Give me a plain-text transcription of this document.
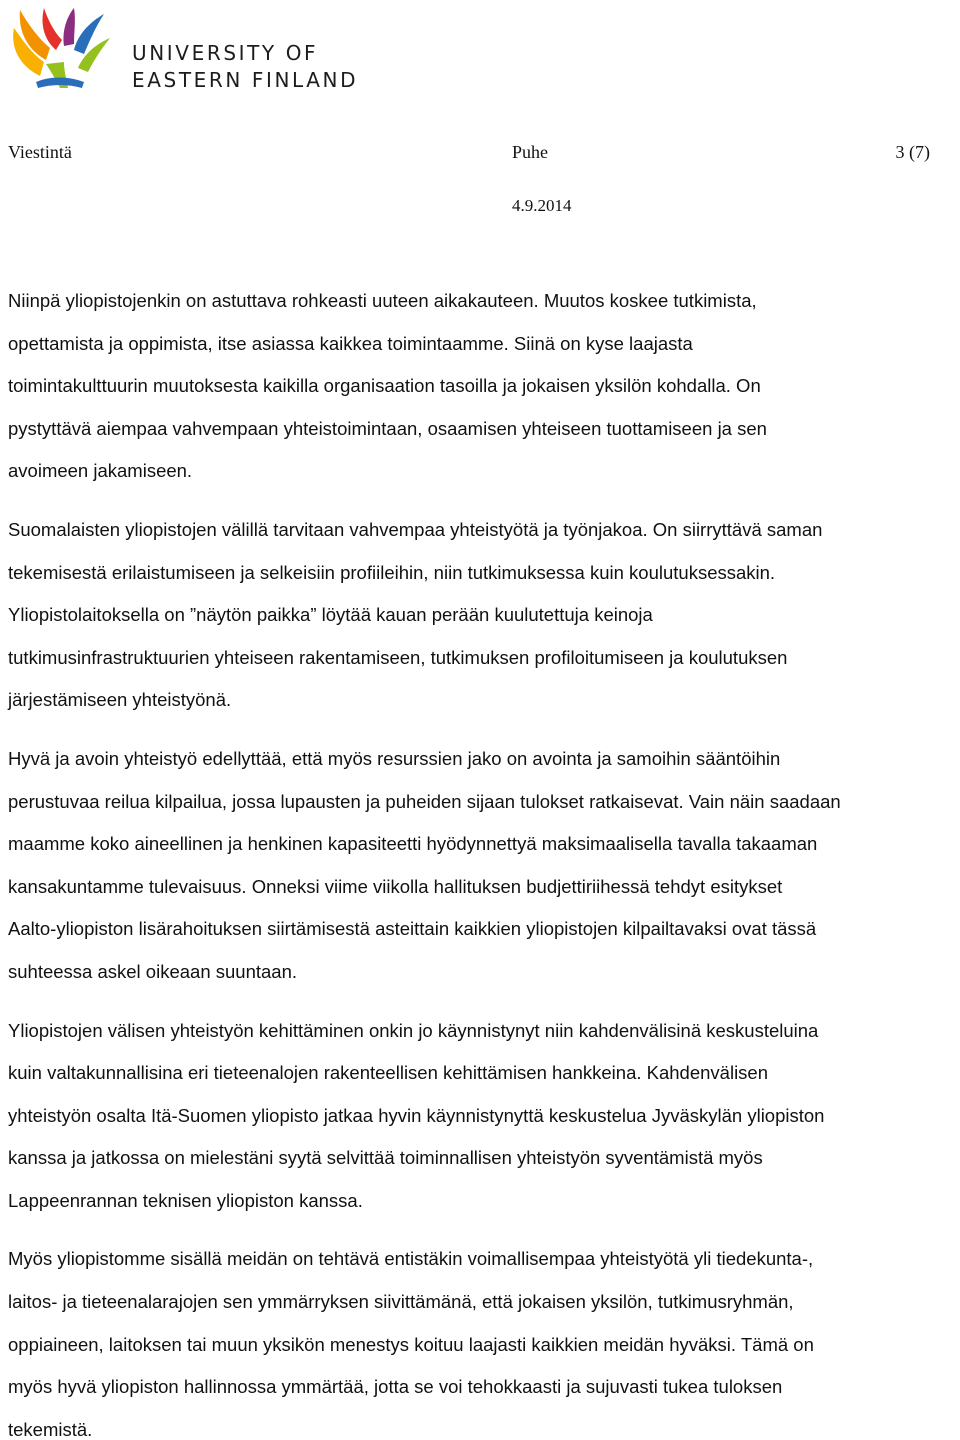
UNIVERSITY OF
EASTERN FINLAND
Viestintä	Puhe	3 (7)
4.9.2014

Niinpä yliopistojenkin on astuttava rohkeasti uuteen aikakauteen. Muutos koskee tutkimista,
opettamista ja oppimista, itse asiassa kaikkea toimintaamme. Siinä on kyse laajasta
toimintakulttuurin muutoksesta kaikilla organisaation tasoilla ja jokaisen yksilön kohdalla. On
pystyttävä aiempaa vahvempaan yhteistoimintaan, osaamisen yhteiseen tuottamiseen ja sen
avoimeen jakamiseen.

Suomalaisten yliopistojen välillä tarvitaan vahvempaa yhteistyötä ja työnjakoa. On siirryttävä saman
tekemisestä erilaistumiseen ja selkeisiin profiileihin, niin tutkimuksessa kuin koulutuksessakin.
Yliopistolaitoksella on ”näytön paikka” löytää kauan perään kuulutettuja keinoja
tutkimusinfrastruktuurien yhteiseen rakentamiseen, tutkimuksen profiloitumiseen ja koulutuksen
järjestämiseen yhteistyönä.

Hyvä ja avoin yhteistyö edellyttää, että myös resurssien jako on avointa ja samoihin sääntöihin
perustuvaa reilua kilpailua, jossa lupausten ja puheiden sijaan tulokset ratkaisevat. Vain näin saadaan
maamme koko aineellinen ja henkinen kapasiteetti hyödynnettyä maksimaalisella tavalla takaaman
kansakuntamme tulevaisuus. Onneksi viime viikolla hallituksen budjettiriihessä tehdyt esitykset
Aalto-yliopiston lisärahoituksen siirtämisestä asteittain kaikkien yliopistojen kilpailtavaksi ovat tässä
suhteessa askel oikeaan suuntaan.

Yliopistojen välisen yhteistyön kehittäminen onkin jo käynnistynyt niin kahdenvälisinä keskusteluina
kuin valtakunnallisina eri tieteenalojen rakenteellisen kehittämisen hankkeina. Kahdenvälisen
yhteistyön osalta Itä-Suomen yliopisto jatkaa hyvin käynnistynyttä keskustelua Jyväskylän yliopiston
kanssa ja jatkossa on mielestäni syytä selvittää toiminnallisen yhteistyön syventämistä myös
Lappeenrannan teknisen yliopiston kanssa.

Myös yliopistomme sisällä meidän on tehtävä entistäkin voimallisempaa yhteistyötä yli tiedekunta-,
laitos- ja tieteenalarajojen sen ymmärryksen siivittämänä, että jokaisen yksilön, tutkimusryhmän,
oppiaineen, laitoksen tai muun yksikön menestys koituu laajasti kaikkien meidän hyväksi. Tämä on
myös hyvä yliopiston hallinnossa ymmärtää, jotta se voi tehokkaasti ja sujuvasti tukea tuloksen
tekemistä.
